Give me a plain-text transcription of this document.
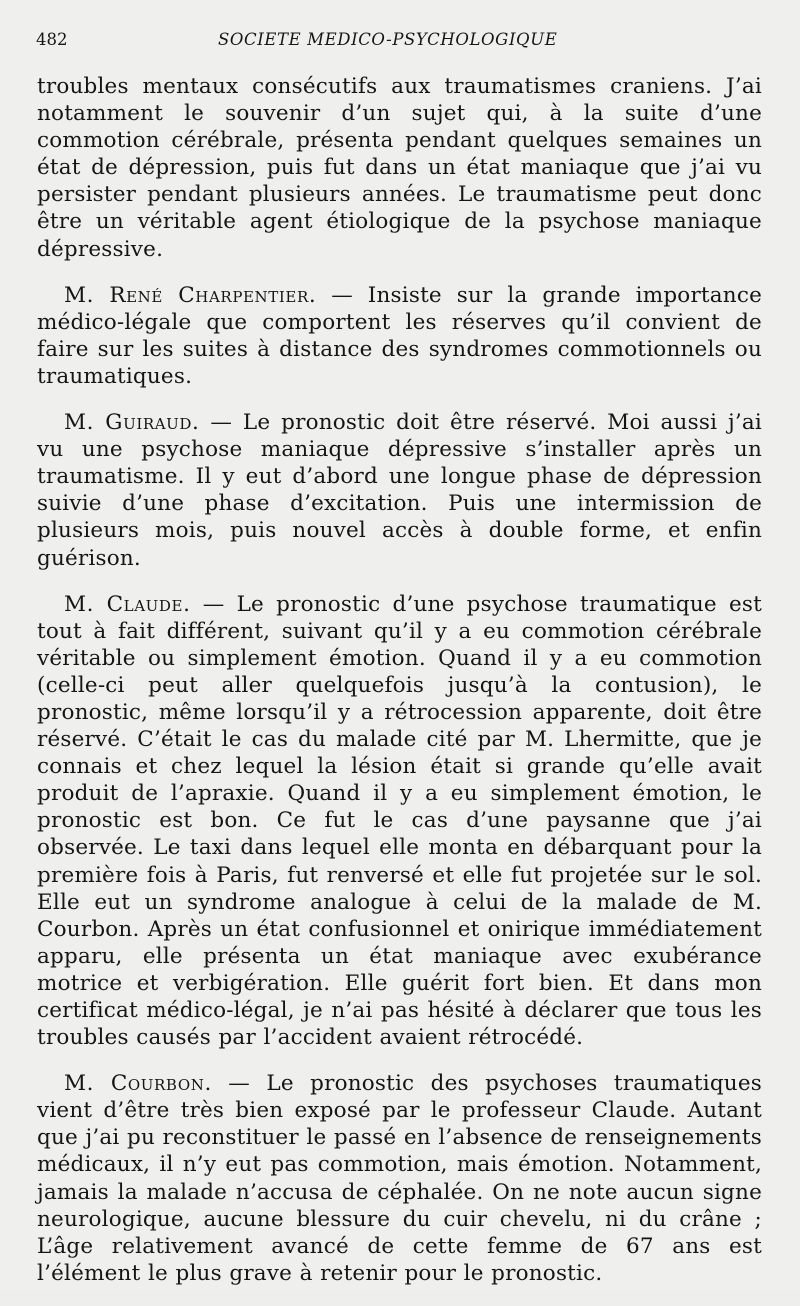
482	SOCIETE MEDICO-PSYCHOLOGIQUE

troubles mentaux consécutifs aux traumatismes craniens. J’ai notamment le souvenir d’un sujet qui, à la suite d’une commotion cérébrale, présenta pendant quelques semaines un état de dépression, puis fut dans un état maniaque que j’ai vu persister pendant plusieurs années. Le traumatisme peut donc être un véritable agent étiologique de la psychose maniaque dépressive.

M. René Charpentier. — Insiste sur la grande importance médico-légale que comportent les réserves qu’il convient de faire sur les suites à distance des syndromes commotionnels ou traumatiques.

M. Guiraud. — Le pronostic doit être réservé. Moi aussi j’ai vu une psychose maniaque dépressive s’installer après un traumatisme. Il y eut d’abord une longue phase de dépression suivie d’une phase d’excitation. Puis une intermission de plusieurs mois, puis nouvel accès à double forme, et enfin guérison.

M. Claude. — Le pronostic d’une psychose traumatique est tout à fait différent, suivant qu’il y a eu commotion cérébrale véritable ou simplement émotion. Quand il y a eu commotion (celle-ci peut aller quelquefois jusqu’à la contusion), le pronostic, même lorsqu’il y a rétrocession apparente, doit être réservé. C’était le cas du malade cité par M. Lhermitte, que je connais et chez lequel la lésion était si grande qu’elle avait produit de l’apraxie. Quand il y a eu simplement émotion, le pronostic est bon. Ce fut le cas d’une paysanne que j’ai observée. Le taxi dans lequel elle monta en débarquant pour la première fois à Paris, fut renversé et elle fut projetée sur le sol. Elle eut un syndrome analogue à celui de la malade de M. Courbon. Après un état confusionnel et onirique immédiatement apparu, elle présenta un état maniaque avec exubérance motrice et verbigération. Elle guérit fort bien. Et dans mon certificat médico-légal, je n’ai pas hésité à déclarer que tous les troubles causés par l’accident avaient rétrocédé.

M. Courbon. — Le pronostic des psychoses traumatiques vient d’être très bien exposé par le professeur Claude. Autant que j’ai pu reconstituer le passé en l’absence de renseignements médicaux, il n’y eut pas commotion, mais émotion. Notamment, jamais la malade n’accusa de céphalée. On ne note aucun signe neurologique, aucune blessure du cuir chevelu, ni du crâne ; L’âge relativement avancé de cette femme de 67 ans est l’élément le plus grave à retenir pour le pronostic.
